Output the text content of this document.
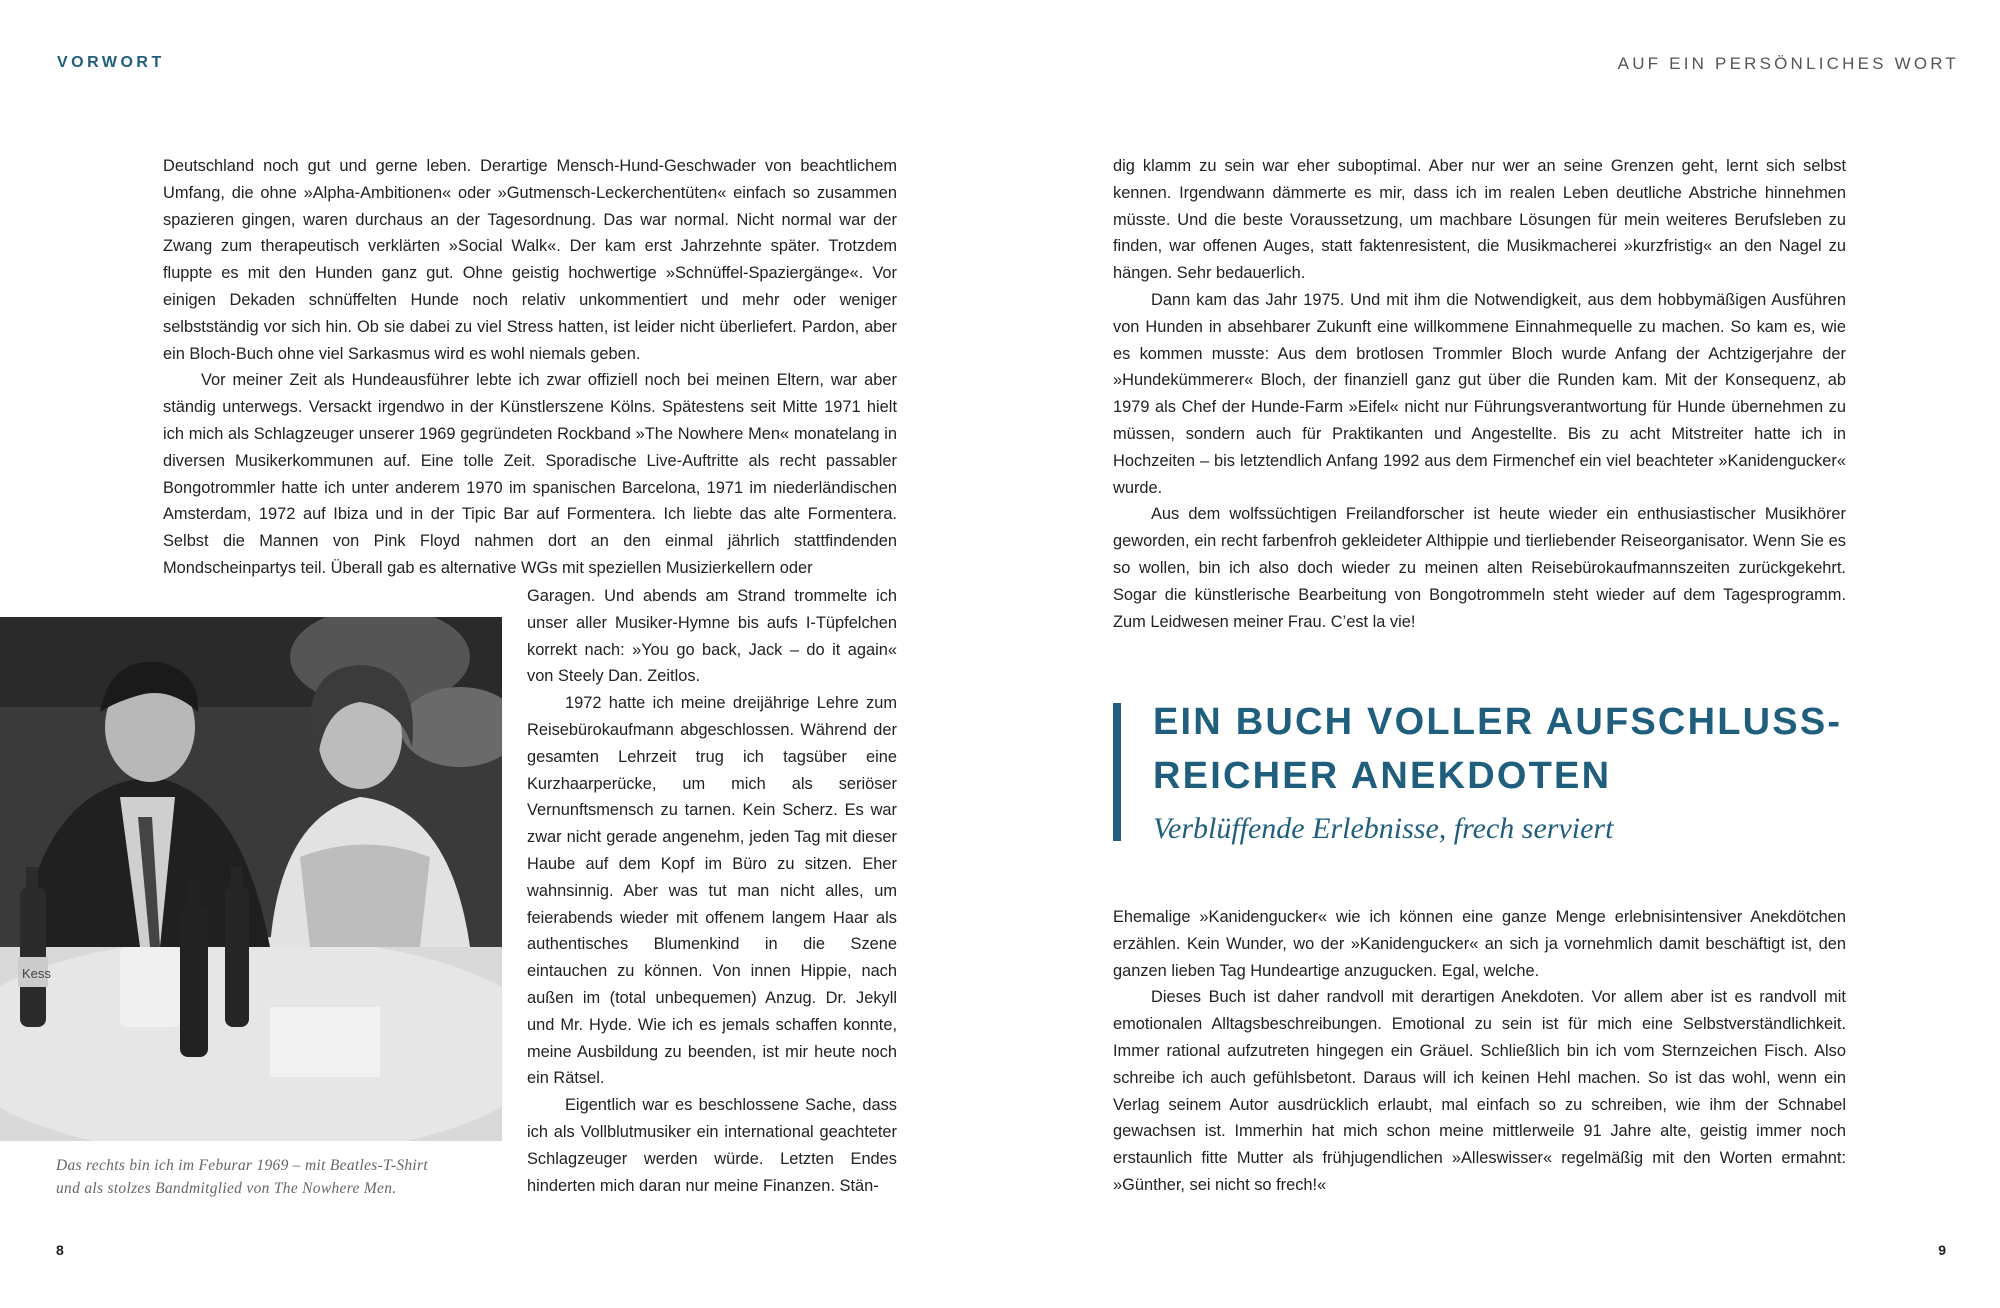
VORWORT	AUF EIN PERSÖNLICHES WORT

Deutschland noch gut und gerne leben. Derartige Mensch-Hund-Geschwader von beachtlichem Umfang, die ohne »Alpha-Ambitionen« oder »Gutmensch-Leckerchentüten« einfach so zusammen spazieren gingen, waren durchaus an der Tagesordnung. Das war normal. Nicht normal war der Zwang zum therapeutisch verklärten »Social Walk«. Der kam erst Jahrzehnte später. Trotzdem fluppte es mit den Hunden ganz gut. Ohne geistig hochwertige »Schnüffel-Spaziergänge«. Vor einigen Dekaden schnüffelten Hunde noch relativ unkommentiert und mehr oder weniger selbstständig vor sich hin. Ob sie dabei zu viel Stress hatten, ist leider nicht überliefert. Pardon, aber ein Bloch-Buch ohne viel Sarkasmus wird es wohl niemals geben.

Vor meiner Zeit als Hundeausführer lebte ich zwar offiziell noch bei meinen Eltern, war aber ständig unterwegs. Versackt irgendwo in der Künstlerszene Kölns. Spätestens seit Mitte 1971 hielt ich mich als Schlagzeuger unserer 1969 gegründeten Rockband »The Nowhere Men« monatelang in diversen Musikerkommunen auf. Eine tolle Zeit. Sporadische Live-Auftritte als recht passabler Bongotrommler hatte ich unter anderem 1970 im spanischen Barcelona, 1971 im niederländischen Amsterdam, 1972 auf Ibiza und in der Tipic Bar auf Formentera. Ich liebte das alte Formentera. Selbst die Mannen von Pink Floyd nahmen dort an den einmal jährlich stattfindenden Mondscheinpartys teil. Überall gab es alternative WGs mit speziellen Musizierkellern oder

Kess
Das rechts bin ich im Feburar 1969 – mit Beatles-T-Shirt
und als stolzes Bandmitglied von The Nowhere Men.

Garagen. Und abends am Strand trommelte ich unser aller Musiker-Hymne bis aufs I-Tüpfelchen korrekt nach: »You go back, Jack – do it again« von Steely Dan. Zeitlos.

1972 hatte ich meine dreijährige Lehre zum Reisebürokaufmann abgeschlossen. Während der gesamten Lehrzeit trug ich tagsüber eine Kurzhaarperücke, um mich als seriöser Vernunftsmensch zu tarnen. Kein Scherz. Es war zwar nicht gerade angenehm, jeden Tag mit dieser Haube auf dem Kopf im Büro zu sitzen. Eher wahnsinnig. Aber was tut man nicht alles, um feierabends wieder mit offenem langem Haar als authentisches Blumenkind in die Szene eintauchen zu können. Von innen Hippie, nach außen im (total unbequemen) Anzug. Dr. Jekyll und Mr. Hyde. Wie ich es jemals schaffen konnte, meine Ausbildung zu beenden, ist mir heute noch ein Rätsel.

Eigentlich war es beschlossene Sache, dass ich als Vollblutmusiker ein international geachteter Schlagzeuger werden würde. Letzten Endes hinderten mich daran nur meine Finanzen. Stän-

8

dig klamm zu sein war eher suboptimal. Aber nur wer an seine Grenzen geht, lernt sich selbst kennen. Irgendwann dämmerte es mir, dass ich im realen Leben deutliche Abstriche hinnehmen müsste. Und die beste Voraussetzung, um machbare Lösungen für mein weiteres Berufsleben zu finden, war offenen Auges, statt faktenresistent, die Musikmacherei »kurzfristig« an den Nagel zu hängen. Sehr bedauerlich.

Dann kam das Jahr 1975. Und mit ihm die Notwendigkeit, aus dem hobbymäßigen Ausführen von Hunden in absehbarer Zukunft eine willkommene Einnahmequelle zu machen. So kam es, wie es kommen musste: Aus dem brotlosen Trommler Bloch wurde Anfang der Achtzigerjahre der »Hundekümmerer« Bloch, der finanziell ganz gut über die Runden kam. Mit der Konsequenz, ab 1979 als Chef der Hunde-Farm »Eifel« nicht nur Führungsverantwortung für Hunde übernehmen zu müssen, sondern auch für Praktikanten und Angestellte. Bis zu acht Mitstreiter hatte ich in Hochzeiten – bis letztendlich Anfang 1992 aus dem Firmenchef ein viel beachteter »Kanidengucker« wurde.

Aus dem wolfssüchtigen Freilandforscher ist heute wieder ein enthusiastischer Musikhörer geworden, ein recht farbenfroh gekleideter Althippie und tierliebender Reiseorganisator. Wenn Sie es so wollen, bin ich also doch wieder zu meinen alten Reisebürokaufmannszeiten zurückgekehrt. Sogar die künstlerische Bearbeitung von Bongotrommeln steht wieder auf dem Tagesprogramm. Zum Leidwesen meiner Frau. C’est la vie!

EIN BUCH VOLLER AUFSCHLUSS-
REICHER ANEKDOTEN
Verblüffende Erlebnisse, frech serviert

Ehemalige »Kanidengucker« wie ich können eine ganze Menge erlebnisintensiver Anekdötchen erzählen. Kein Wunder, wo der »Kanidengucker« an sich ja vornehmlich damit beschäftigt ist, den ganzen lieben Tag Hundeartige anzugucken. Egal, welche.

Dieses Buch ist daher randvoll mit derartigen Anekdoten. Vor allem aber ist es randvoll mit emotionalen Alltagsbeschreibungen. Emotional zu sein ist für mich eine Selbstverständlichkeit. Immer rational aufzutreten hingegen ein Gräuel. Schließlich bin ich vom Sternzeichen Fisch. Also schreibe ich auch gefühlsbetont. Daraus will ich keinen Hehl machen. So ist das wohl, wenn ein Verlag seinem Autor ausdrücklich erlaubt, mal einfach so zu schreiben, wie ihm der Schnabel gewachsen ist. Immerhin hat mich schon meine mittlerweile 91 Jahre alte, geistig immer noch erstaunlich fitte Mutter als frühjugendlichen »Alleswisser« regelmäßig mit den Worten ermahnt: »Günther, sei nicht so frech!«

9
